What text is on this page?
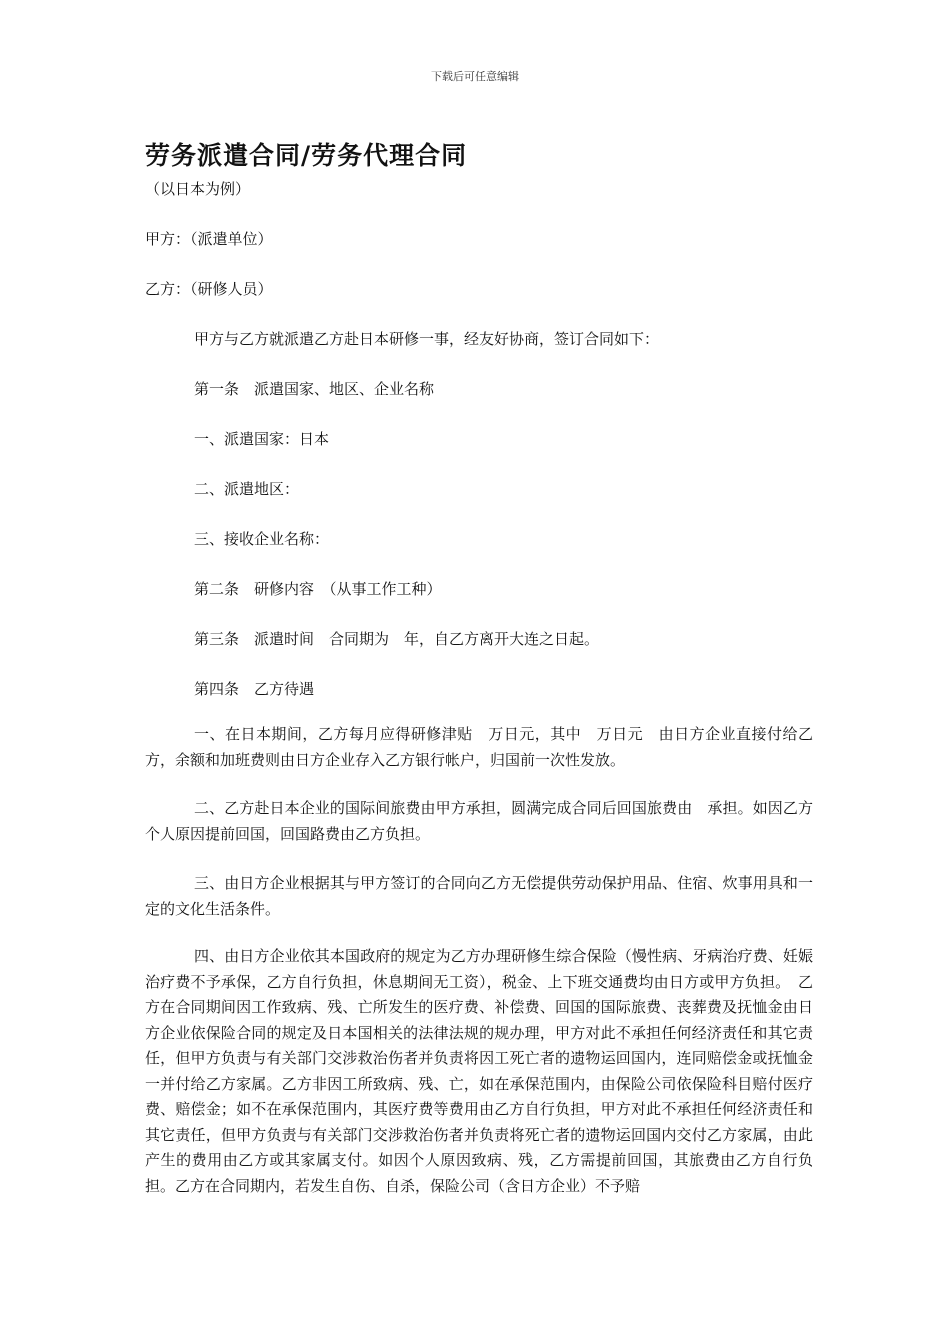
下载后可任意编辑
劳务派遣合同/劳务代理合同
（以日本为例）
甲方：（派遣单位）
乙方：（研修人员）
甲方与乙方就派遣乙方赴日本研修一事，经友好协商，签订合同如下：
第一条　派遣国家、地区、企业名称
一、派遣国家：日本
二、派遣地区：
三、接收企业名称：
第二条　研修内容　（从事工作工种）
第三条　派遣时间　合同期为　年，自乙方离开大连之日起。
第四条　乙方待遇
一、在日本期间，乙方每月应得研修津贴　万日元，其中　万日元　由日方企业直接付给乙方，余额和加班费则由日方企业存入乙方银行帐户，归国前一次性发放。
二、乙方赴日本企业的国际间旅费由甲方承担，圆满完成合同后回国旅费由　承担。如因乙方个人原因提前回国，回国路费由乙方负担。
三、由日方企业根据其与甲方签订的合同向乙方无偿提供劳动保护用品、住宿、炊事用具和一定的文化生活条件。
四、由日方企业依其本国政府的规定为乙方办理研修生综合保险（慢性病、牙病治疗费、妊娠治疗费不予承保，乙方自行负担，休息期间无工资），税金、上下班交通费均由日方或甲方负担。　乙方在合同期间因工作致病、残、亡所发生的医疗费、补偿费、回国的国际旅费、丧葬费及抚恤金由日方企业依保险合同的规定及日本国相关的法律法规的规办理，甲方对此不承担任何经济责任和其它责任，但甲方负责与有关部门交涉救治伤者并负责将因工死亡者的遗物运回国内，连同赔偿金或抚恤金一并付给乙方家属。乙方非因工所致病、残、亡，如在承保范围内，由保险公司依保险科目赔付医疗费、赔偿金；如不在承保范围内，其医疗费等费用由乙方自行负担，甲方对此不承担任何经济责任和其它责任，但甲方负责与有关部门交涉救治伤者并负责将死亡者的遗物运回国内交付乙方家属，由此产生的费用由乙方或其家属支付。如因个人原因致病、残，乙方需提前回国，其旅费由乙方自行负担。乙方在合同期内，若发生自伤、自杀，保险公司（含日方企业）不予赔
